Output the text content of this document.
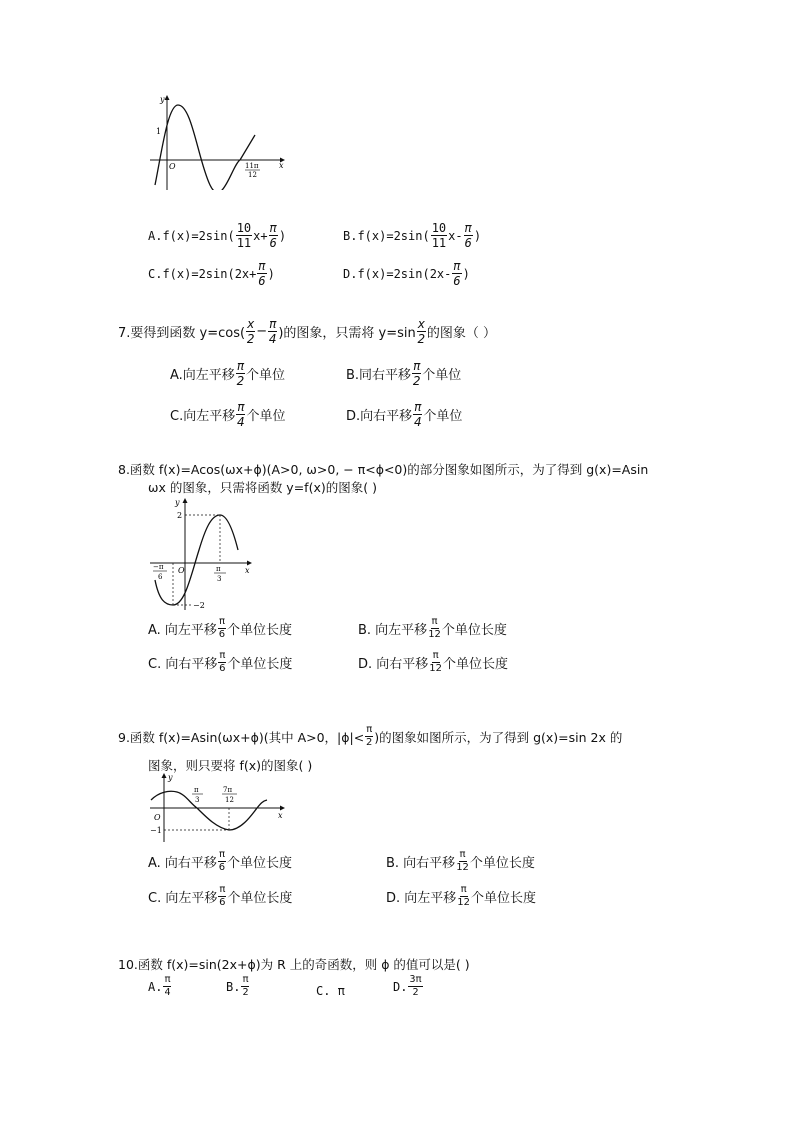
y
x
O
1
11π
12
$A.f(x)=2\sin( \frac{10}{11} x+ \frac{\pi}{6}$ )	$B.f(x)=2\sin( \frac{10}{11} x- \frac{\pi}{6}$ )
$C.f(x)=2\sin(2x+ \frac{\pi}{6}$ )	$D.f(x)=2\sin(2x- \frac{\pi}{6}$ )
7.要得到函数 $y=\cos( \frac{x}{2} - \frac{\pi}{4}$ )的图象，只需将 $y=\sin \frac{x}{2}$ 的图象（ ）
A.向左平移 $\frac{\pi}{2}$ 个单位	B.同右平移 $\frac{\pi}{2}$ 个单位
C.向左平移 $\frac{\pi}{4}$ 个单位	D.向右平移 $\frac{\pi}{4}$ 个单位
8.函数 f(x)=Acos(ωx+ϕ)(A>0, ω>0, − π<ϕ<0)的部分图象如图所示，为了得到 g(x)=Asin
ωx 的图象，只需将函数 y=f(x)的图象( )
y
x
O
2
−2
−π
6
π
3
A. 向左平移 $\frac{\pi}{6}$ 个单位长度	B. 向左平移 $\frac{\pi}{12}$ 个单位长度
C. 向右平移 $\frac{\pi}{6}$ 个单位长度	D. 向右平移 $\frac{\pi}{12}$ 个单位长度
9.函数 f(x)=Asin(ωx+ϕ)(其中 A>0，$|\phi|< \frac{\pi}{2}$ )的图象如图所示，为了得到 g(x)=sin 2x 的
图象，则只要将 f(x)的图象( )
y
x
O
−1
π
3
7π
12
A. 向右平移 $\frac{\pi}{6}$ 个单位长度	B. 向右平移 $\frac{\pi}{12}$ 个单位长度
C. 向左平移 $\frac{\pi}{6}$ 个单位长度	D. 向左平移 $\frac{\pi}{12}$ 个单位长度
10.函数 f(x)=sin(2x+ϕ)为 R 上的奇函数，则 ϕ 的值可以是( )
A. $\frac{\pi}{4}$	B. $\frac{\pi}{2}$	C. π	D. $\frac{3\pi}{2}$
